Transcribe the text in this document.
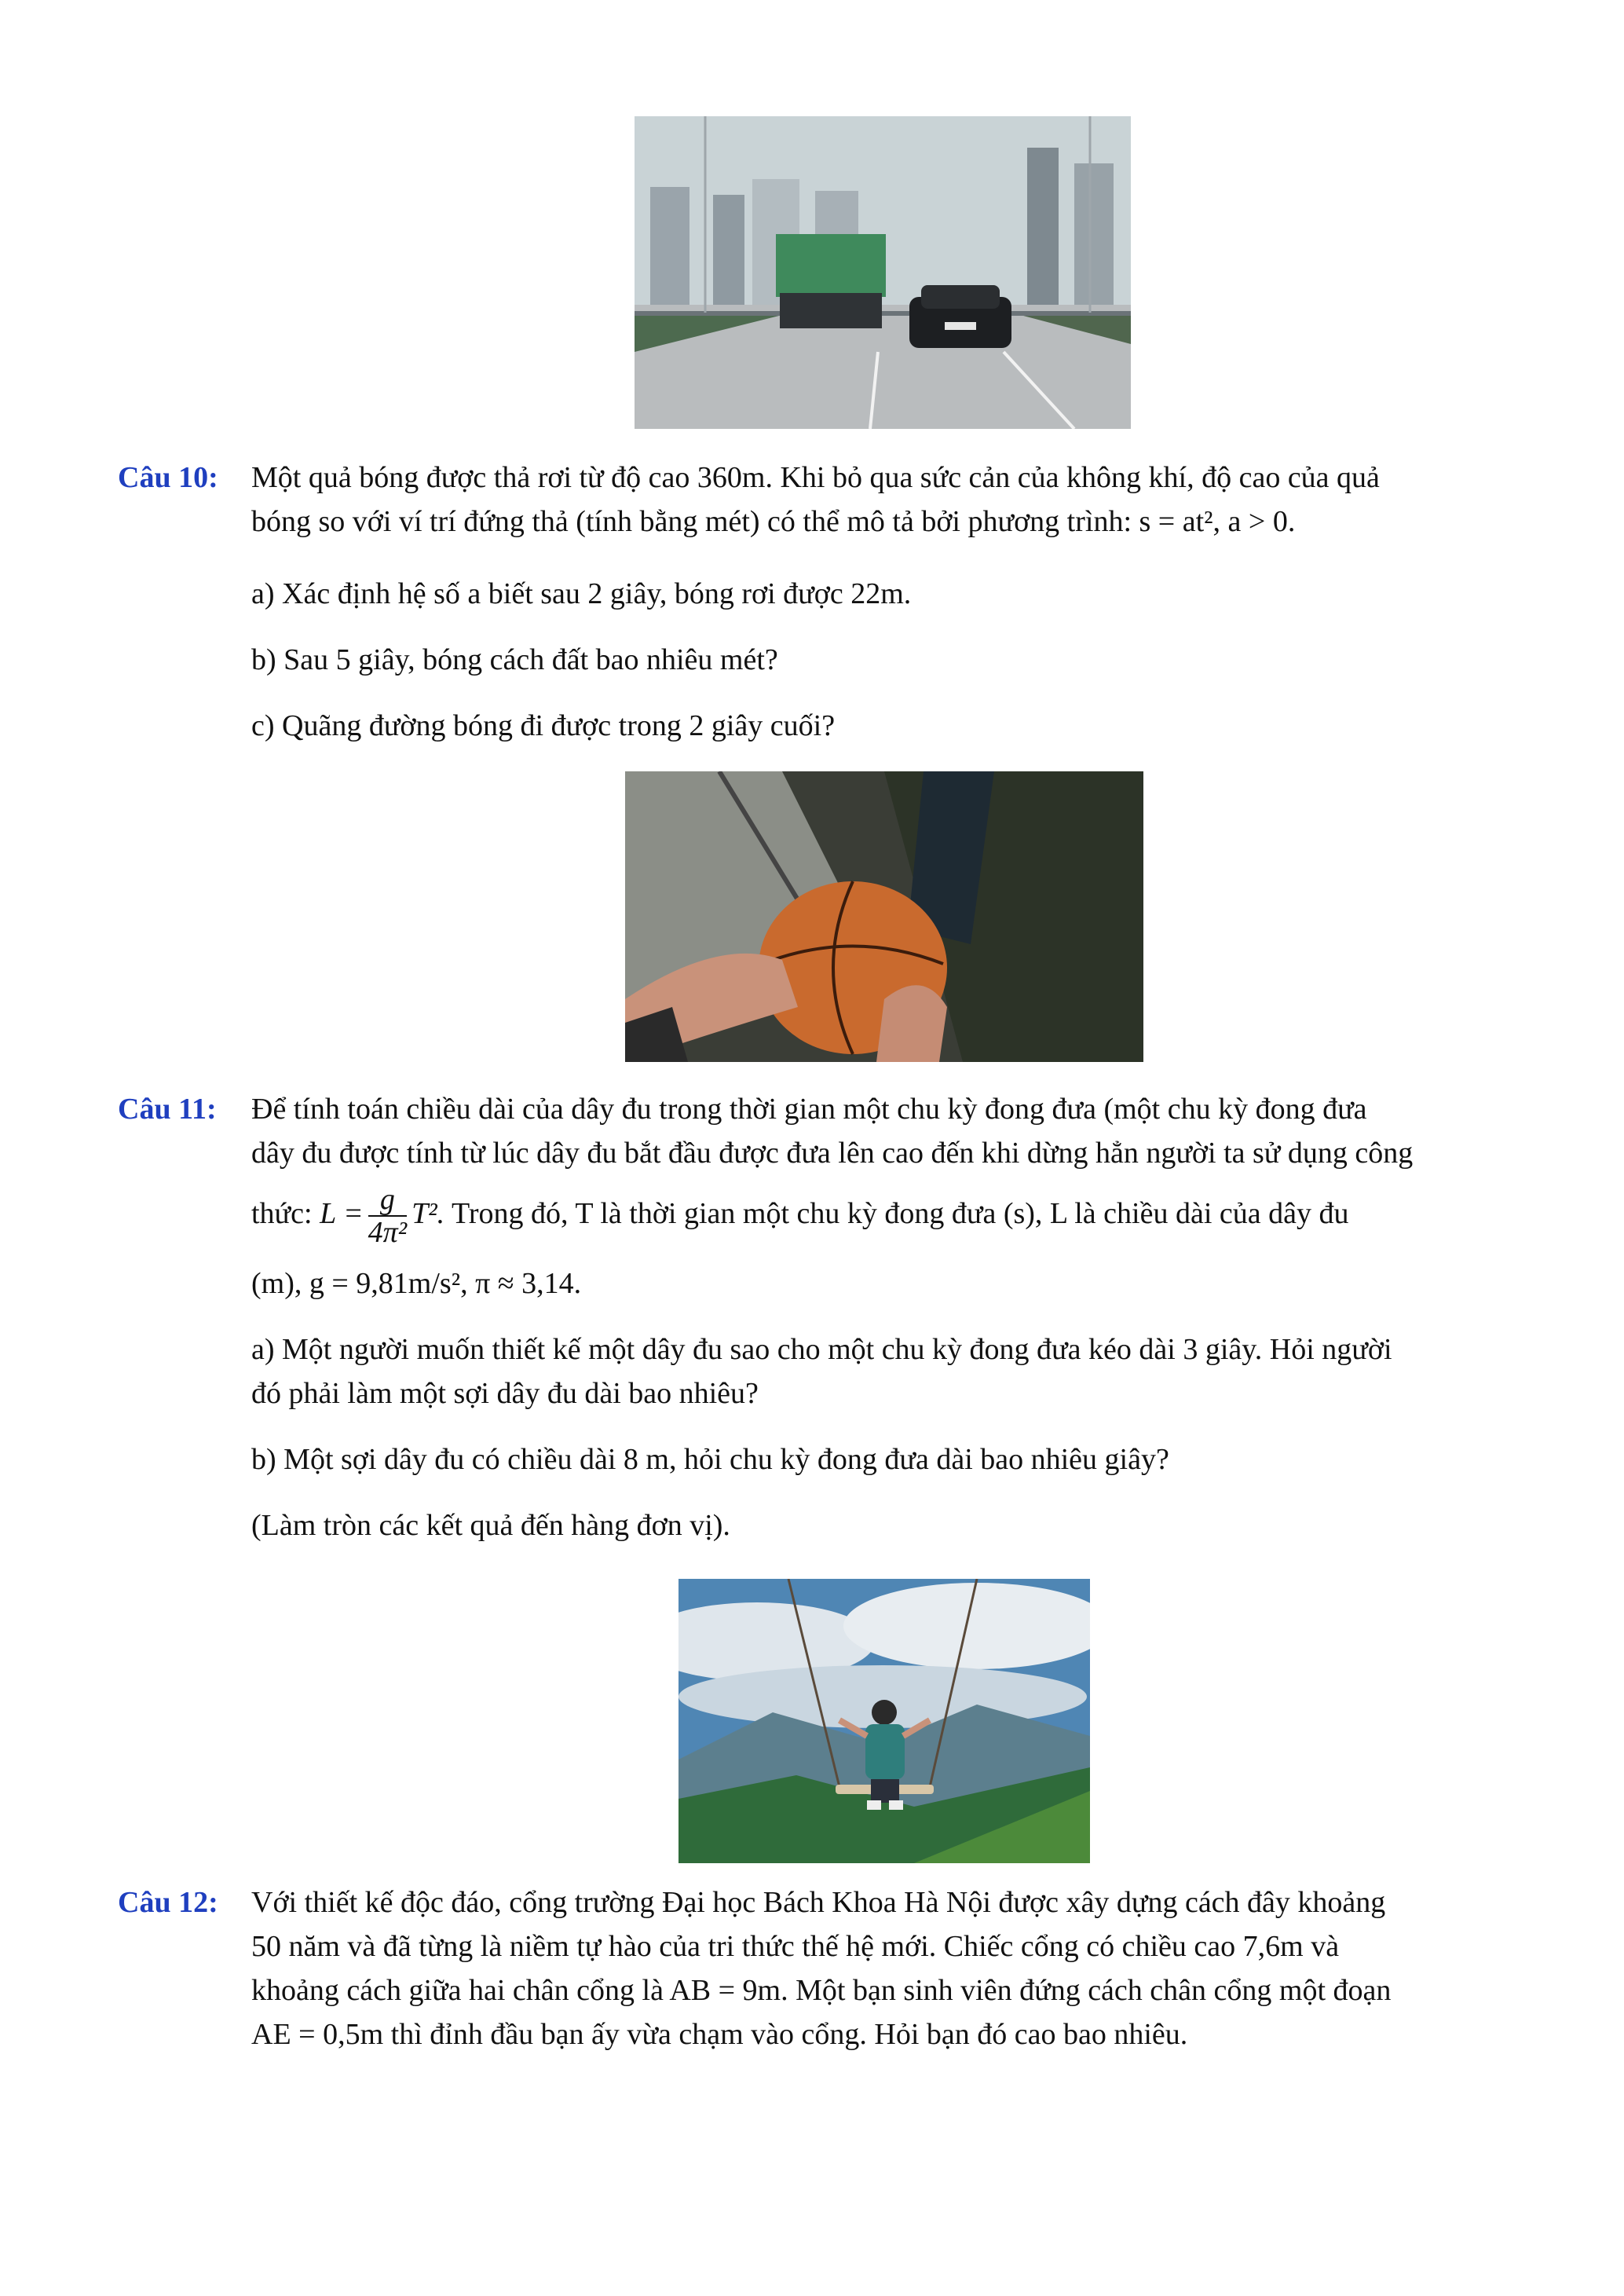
Câu 10: Một quả bóng được thả rơi từ độ cao 360m. Khi bỏ qua sức cản của không khí, độ cao của quả
bóng so với ví trí đứng thả (tính bằng mét) có thể mô tả bởi phương trình: s = at², a > 0.
a) Xác định hệ số a biết sau 2 giây, bóng rơi được 22m.
b) Sau 5 giây, bóng cách đất bao nhiêu mét?
c) Quãng đường bóng đi được trong 2 giây cuối?
Câu 11: Để tính toán chiều dài của dây đu trong thời gian một chu kỳ đong đưa (một chu kỳ đong đưa
dây đu được tính từ lúc dây đu bắt đầu được đưa lên cao đến khi dừng hẳn người ta sử dụng công
thức: $L = \frac{g}{\text{4π²}} T^2$. Trong đó, T là thời gian một chu kỳ đong đưa (s), L là chiều dài của dây đu
(m), g = 9,81m/s², π ≈ 3,14.
a) Một người muốn thiết kế một dây đu sao cho một chu kỳ đong đưa kéo dài 3 giây. Hỏi người
đó phải làm một sợi dây đu dài bao nhiêu?
b) Một sợi dây đu có chiều dài 8 m, hỏi chu kỳ đong đưa dài bao nhiêu giây?
(Làm tròn các kết quả đến hàng đơn vị).
Câu 12: Với thiết kế độc đáo, cổng trường Đại học Bách Khoa Hà Nội được xây dựng cách đây khoảng
50 năm và đã từng là niềm tự hào của tri thức thế hệ mới. Chiếc cổng có chiều cao 7,6m và
khoảng cách giữa hai chân cổng là AB = 9m. Một bạn sinh viên đứng cách chân cổng một đoạn
AE = 0,5m thì đỉnh đầu bạn ấy vừa chạm vào cổng. Hỏi bạn đó cao bao nhiêu.
